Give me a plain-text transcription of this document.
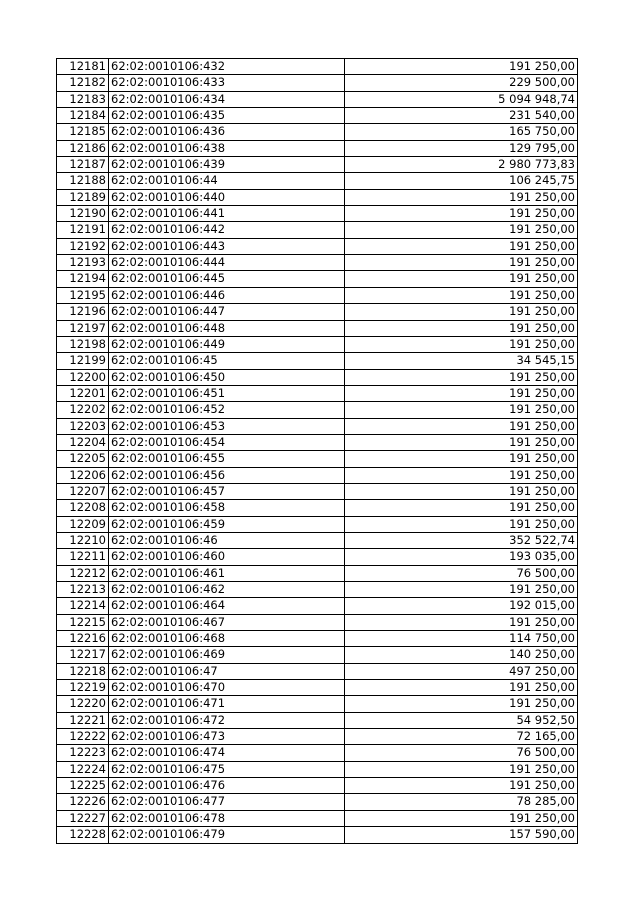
12181	62:02:0010106:432	191 250,00
12182	62:02:0010106:433	229 500,00
12183	62:02:0010106:434	5 094 948,74
12184	62:02:0010106:435	231 540,00
12185	62:02:0010106:436	165 750,00
12186	62:02:0010106:438	129 795,00
12187	62:02:0010106:439	2 980 773,83
12188	62:02:0010106:44	106 245,75
12189	62:02:0010106:440	191 250,00
12190	62:02:0010106:441	191 250,00
12191	62:02:0010106:442	191 250,00
12192	62:02:0010106:443	191 250,00
12193	62:02:0010106:444	191 250,00
12194	62:02:0010106:445	191 250,00
12195	62:02:0010106:446	191 250,00
12196	62:02:0010106:447	191 250,00
12197	62:02:0010106:448	191 250,00
12198	62:02:0010106:449	191 250,00
12199	62:02:0010106:45	34 545,15
12200	62:02:0010106:450	191 250,00
12201	62:02:0010106:451	191 250,00
12202	62:02:0010106:452	191 250,00
12203	62:02:0010106:453	191 250,00
12204	62:02:0010106:454	191 250,00
12205	62:02:0010106:455	191 250,00
12206	62:02:0010106:456	191 250,00
12207	62:02:0010106:457	191 250,00
12208	62:02:0010106:458	191 250,00
12209	62:02:0010106:459	191 250,00
12210	62:02:0010106:46	352 522,74
12211	62:02:0010106:460	193 035,00
12212	62:02:0010106:461	76 500,00
12213	62:02:0010106:462	191 250,00
12214	62:02:0010106:464	192 015,00
12215	62:02:0010106:467	191 250,00
12216	62:02:0010106:468	114 750,00
12217	62:02:0010106:469	140 250,00
12218	62:02:0010106:47	497 250,00
12219	62:02:0010106:470	191 250,00
12220	62:02:0010106:471	191 250,00
12221	62:02:0010106:472	54 952,50
12222	62:02:0010106:473	72 165,00
12223	62:02:0010106:474	76 500,00
12224	62:02:0010106:475	191 250,00
12225	62:02:0010106:476	191 250,00
12226	62:02:0010106:477	78 285,00
12227	62:02:0010106:478	191 250,00
12228	62:02:0010106:479	157 590,00
